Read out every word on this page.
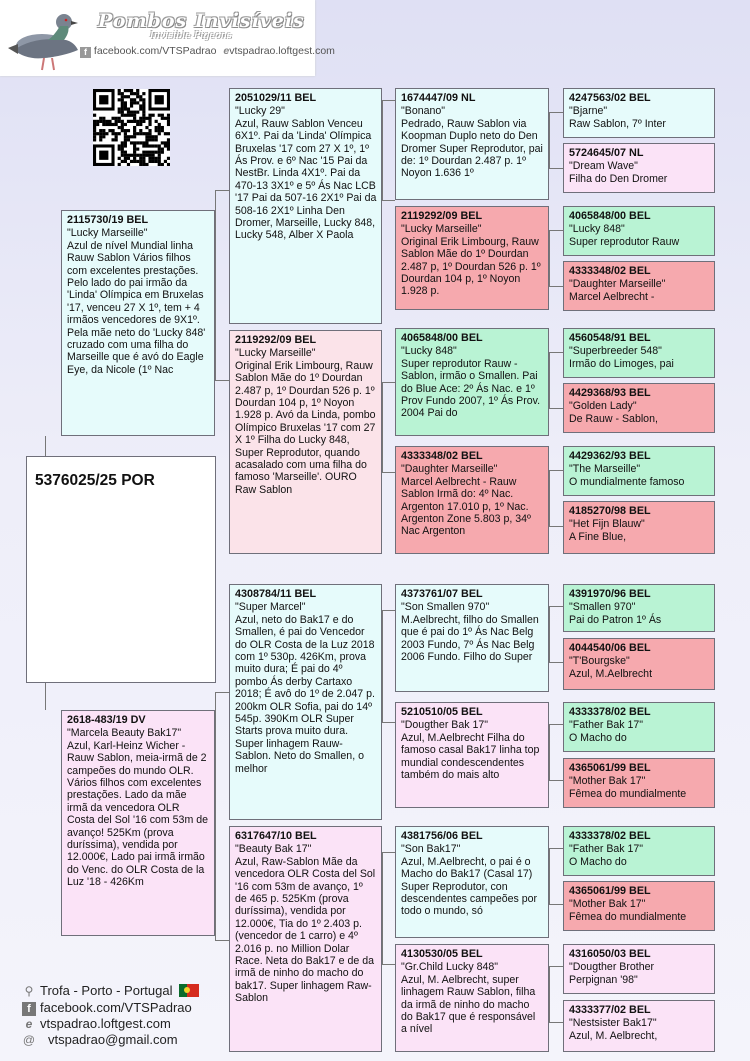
Pombos Invisíveis
Invisible Pigeons
f facebook.com/VTSPadrao evtspadrao.loftgest.com
5376025/25 POR
2115730/19 BEL
"Lucky Marseille"
Azul de nível Mundial linha Rauw Sablon Vários filhos com excelentes prestações. Pelo lado do pai irmão da 'Linda' Olímpica em Bruxelas '17, venceu 27 X 1º, tem + 4 irmãos vencedores de 9X1º. Pela mãe neto do 'Lucky 848' cruzado com uma filha do Marseille que é avó do Eagle Eye, da Nicole (1º Nac
2618-483/19 DV
"Marcela Beauty Bak17"
Azul, Karl-Heinz Wicher - Rauw Sablon, meia-irmã de 2 campeões do mundo OLR. Vários filhos com excelentes prestações. Lado da mãe irmã da vencedora OLR Costa del Sol '16 com 53m de avanço! 525Km (prova duríssima), vendida por 12.000€, Lado pai irmã irmão do Venc. do OLR Costa de la Luz '18 - 426Km
2051029/11 BEL
"Lucky 29"
Azul, Rauw Sablon Venceu 6X1º. Pai da 'Linda' Olímpica Bruxelas '17 com 27 X 1º, 1º Ás Prov. e 6º Nac '15 Pai da NestBr. Linda 4X1º. Pai da 470-13 3X1º e 5º Ás Nac LCB '17 Pai da 507-16 2X1º Pai da 508-16 2X1º Linha Den Dromer, Marseille, Lucky 848, Lucky 548, Alber X Paola
2119292/09 BEL
"Lucky Marseille"
Original Erik Limbourg, Rauw Sablon Mãe do 1º Dourdan 2.487 p, 1º Dourdan 526 p. 1º Dourdan 104 p, 1º Noyon 1.928 p. Avó da Linda, pombo Olímpico Bruxelas '17 com 27 X 1º Filha do Lucky 848, Super Reprodutor, quando acasalado com uma filha do famoso 'Marseille'. OURO Raw Sablon
4308784/11 BEL
"Super Marcel"
Azul, neto do Bak17 e do Smallen, é pai do Vencedor do OLR Costa de la Luz 2018 com 1º 530p. 426Km, prova muito dura; É pai do 4º pombo Ás derby Cartaxo 2018; É avô do 1º de 2.047 p. 200km OLR Sofia, pai do 14º 545p. 390Km OLR Super Starts prova muito dura. Super linhagem Rauw-Sablon. Neto do Smallen, o melhor
6317647/10 BEL
"Beauty Bak 17"
Azul, Raw-Sablon Mãe da vencedora OLR Costa del Sol '16 com 53m de avanço, 1º de 465 p. 525Km (prova duríssima), vendida por 12.000€, Tia do 1º 2.403 p. (vencedor de 1 carro) e 4º 2.016 p. no Million Dolar Race. Neta do Bak17 e de da irmã de ninho do macho do bak17. Super linhagem Raw-Sablon
1674447/09 NL
"Bonano"
Pedrado, Rauw Sablon via Koopman Duplo neto do Den Dromer Super Reprodutor, pai de: 1º Dourdan 2.487 p. 1º Noyon 1.636 1º
2119292/09 BEL
"Lucky Marseille"
Original Erik Limbourg, Rauw Sablon Mãe do 1º Dourdan 2.487 p, 1º Dourdan 526 p. 1º Dourdan 104 p, 1º Noyon 1.928 p.
4065848/00 BEL
"Lucky 848"
Super reprodutor Rauw - Sablon, irmão o Smallen. Pai do Blue Ace: 2º Ás Nac. e 1º Prov Fundo 2007, 1º Ás Prov. 2004 Pai do
4333348/02 BEL
"Daughter Marseille"
Marcel Aelbrecht - Rauw Sablon Irmã do: 4º Nac. Argenton 17.010 p, 1º Nac. Argenton Zone 5.803 p, 34º Nac Argenton
4373761/07 BEL
"Son Smallen 970"
M.Aelbrecht, filho do Smallen que é pai do 1º Ás Nac Belg 2003 Fundo, 7º Ás Nac Belg 2006 Fundo. Filho do Super
5210510/05 BEL
"Dougther Bak 17"
Azul, M.Aelbrecht Filha do famoso casal Bak17 linha top mundial condescendentes também do mais alto
4381756/06 BEL
"Son Bak17"
Azul, M.Aelbrecht, o pai é o Macho do Bak17 (Casal 17) Super Reprodutor, con descendentes campeões por todo o mundo, só
4130530/05 BEL
"Gr.Child Lucky 848"
Azul, M. Aelbrecht, super linhagem Rauw Sablon, filha da irmã de ninho do macho do Bak17 que é responsável a nível
4247563/02 BEL
"Bjarne"
Raw Sablon, 7º Inter
5724645/07 NL
"Dream Wave"
Filha do Den Dromer
4065848/00 BEL
"Lucky 848"
Super reprodutor Rauw
4333348/02 BEL
"Daughter Marseille"
Marcel Aelbrecht -
4560548/91 BEL
"Superbreeder 548"
Irmão do Limoges, pai
4429368/93 BEL
"Golden Lady"
De Rauw - Sablon,
4429362/93 BEL
"The Marseille"
O mundialmente famoso
4185270/98 BEL
"Het Fijn Blauw"
A Fine Blue,
4391970/96 BEL
"Smallen 970"
Pai do Patron 1º Ás
4044540/06 BEL
"T'Bourgske"
Azul, M.Aelbrecht
4333378/02 BEL
"Father Bak 17"
O Macho do
4365061/99 BEL
"Mother Bak 17"
Fêmea do mundialmente
4333378/02 BEL
"Father Bak 17"
O Macho do
4365061/99 BEL
"Mother Bak 17"
Fêmea do mundialmente
4316050/03 BEL
"Dougther Brother
Perpignan '98"
4333377/02 BEL
"Nestsister Bak17"
Azul, M. Aelbrecht,
⚲ Trofa - Porto - Portugal
f facebook.com/VTSPadrao
e vtspadrao.loftgest.com
@ vtspadrao@gmail.com
